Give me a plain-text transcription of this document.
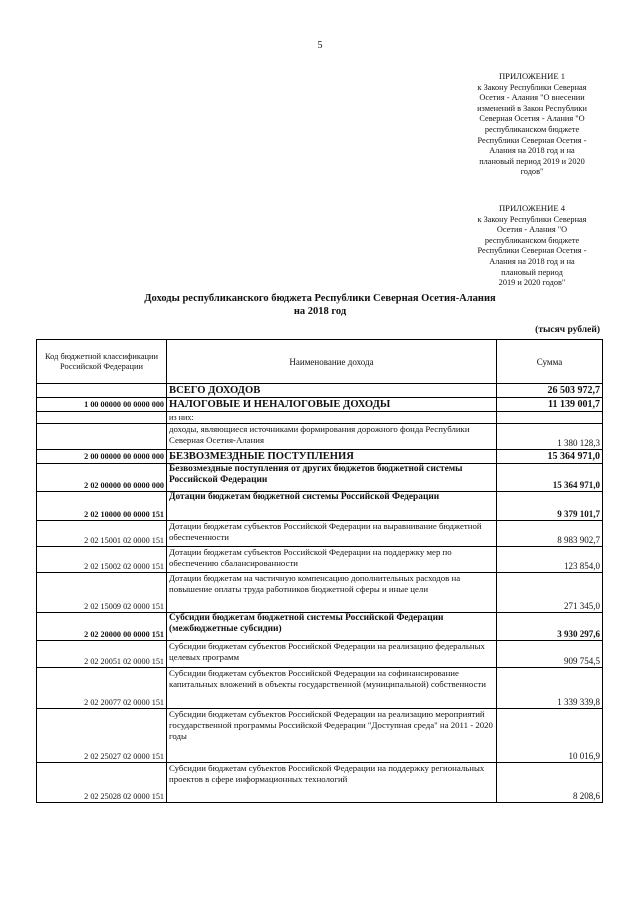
5
ПРИЛОЖЕНИЕ 1
к Закону Республики Северная
Осетия - Алания "О внесении
изменений в Закон Республики
Северная Осетия - Алания "О
республиканском бюджете
Республики Северная Осетия -
Алания на 2018 год и на
плановый период 2019 и 2020
годов"
ПРИЛОЖЕНИЕ 4
к Закону Республики Северная
Осетия - Алания "О
республиканском бюджете
Республики Северная Осетия -
Алания на 2018 год и на
плановый период
2019 и 2020 годов"
Доходы республиканского бюджета Республики Северная Осетия-Алания
на 2018 год
(тысяч рублей)
Код бюджетной классификации Российской Федерации	Наименование дохода	Сумма
	ВСЕГО ДОХОДОВ	26 503 972,7
1 00 00000 00 0000 000	НАЛОГОВЫЕ И НЕНАЛОГОВЫЕ ДОХОДЫ	11 139 001,7
	из них:	
	доходы, являющиеся источниками формирования дорожного фонда Республики Северная Осетия-Алания	1 380 128,3
2 00 00000 00 0000 000	БЕЗВОЗМЕЗДНЫЕ ПОСТУПЛЕНИЯ	15 364 971,0
2 02 00000 00 0000 000	Безвозмездные поступления от других бюджетов бюджетной системы Российской Федерации	15 364 971,0
2 02 10000 00 0000 151	Дотации бюджетам бюджетной системы Российской Федерации	9 379 101,7
2 02 15001 02 0000 151	Дотации бюджетам субъектов Российской Федерации на выравнивание бюджетной обеспеченности	8 983 902,7
2 02 15002 02 0000 151	Дотации бюджетам субъектов Российской Федерации на поддержку мер по обеспечению сбалансированности	123 854,0
2 02 15009 02 0000 151	Дотации бюджетам на частичную компенсацию дополнительных расходов на повышение оплаты труда работников бюджетной сферы и иные цели	271 345,0
2 02 20000 00 0000 151	Субсидии бюджетам бюджетной системы Российской Федерации (межбюджетные субсидии)	3 930 297,6
2 02 20051 02 0000 151	Субсидии бюджетам субъектов Российской Федерации на реализацию федеральных целевых программ	909 754,5
2 02 20077 02 0000 151	Субсидии бюджетам субъектов Российской Федерации на софинансирование капитальных вложений в объекты государственной (муниципальной) собственности	1 339 339,8
2 02 25027 02 0000 151	Субсидии бюджетам субъектов Российской Федерации на реализацию мероприятий государственной программы Российской Федерации "Доступная среда" на 2011 - 2020 годы	10 016,9
2 02 25028 02 0000 151	Субсидии бюджетам субъектов Российской Федерации на поддержку региональных проектов в сфере информационных технологий	8 208,6
